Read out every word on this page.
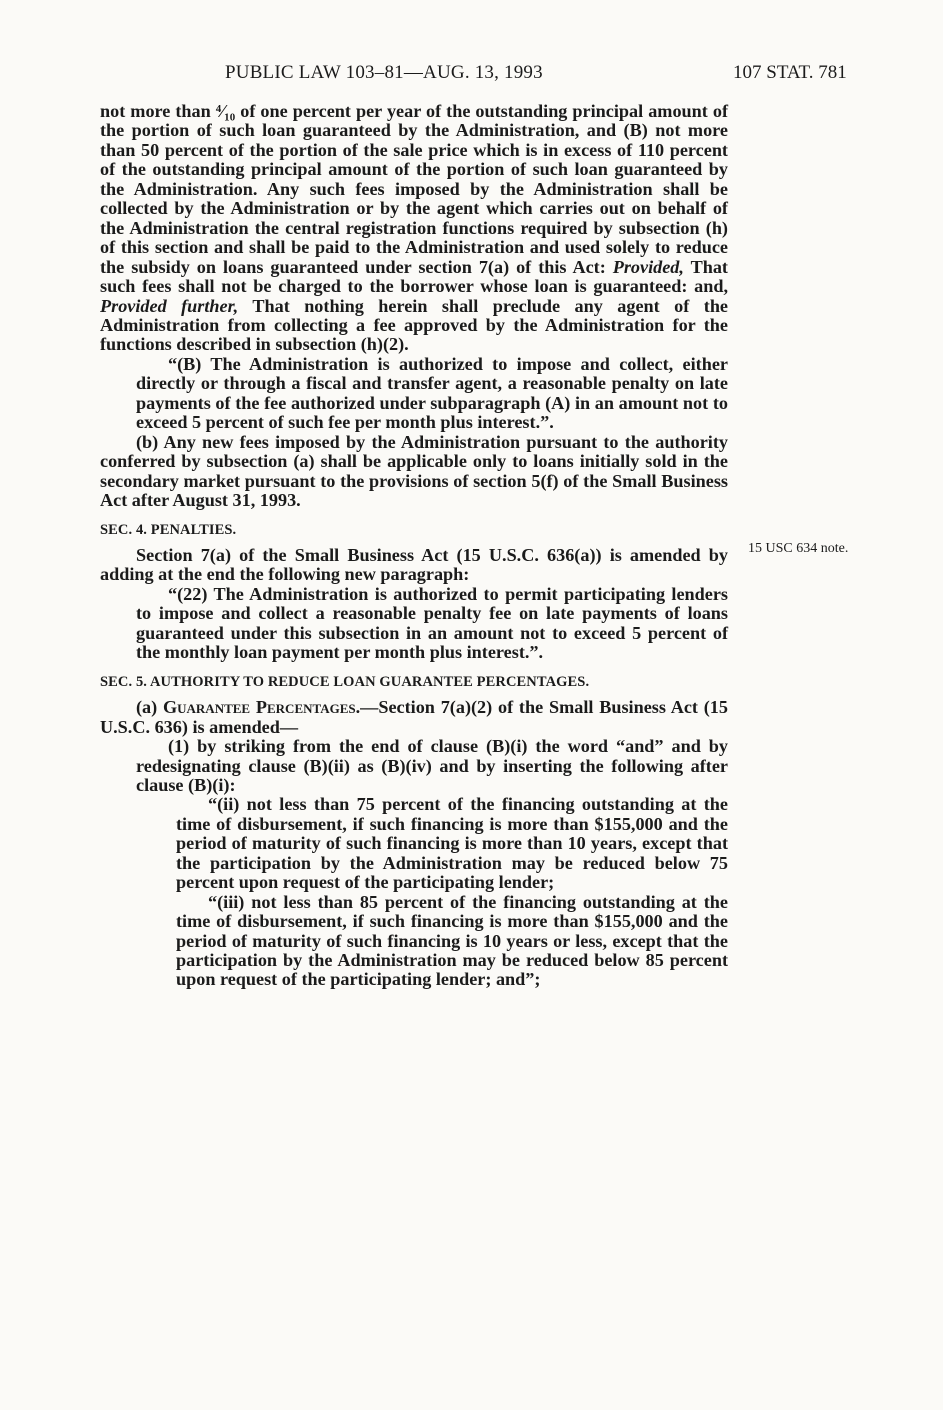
PUBLIC LAW 103–81—AUG. 13, 1993	107 STAT. 781
15 USC 634 note.

not more than ⁴⁄₁₀ of one percent per year of the outstanding principal amount of the portion of such loan guaranteed by the Administration, and (B) not more than 50 percent of the portion of the sale price which is in excess of 110 percent of the outstanding principal amount of the portion of such loan guaranteed by the Administration. Any such fees imposed by the Administration shall be collected by the Administration or by the agent which carries out on behalf of the Administration the central registration functions required by subsection (h) of this section and shall be paid to the Administration and used solely to reduce the subsidy on loans guaranteed under section 7(a) of this Act: Provided, That such fees shall not be charged to the borrower whose loan is guaranteed: and, Provided further, That nothing herein shall preclude any agent of the Administration from collecting a fee approved by the Administration for the functions described in subsection (h)(2).

“(B) The Administration is authorized to impose and collect, either directly or through a fiscal and transfer agent, a reasonable penalty on late payments of the fee authorized under subparagraph (A) in an amount not to exceed 5 percent of such fee per month plus interest.”.

(b) Any new fees imposed by the Administration pursuant to the authority conferred by subsection (a) shall be applicable only to loans initially sold in the secondary market pursuant to the provisions of section 5(f) of the Small Business Act after August 31, 1993.

SEC. 4. PENALTIES.

Section 7(a) of the Small Business Act (15 U.S.C. 636(a)) is amended by adding at the end the following new paragraph:

“(22) The Administration is authorized to permit participating lenders to impose and collect a reasonable penalty fee on late payments of loans guaranteed under this subsection in an amount not to exceed 5 percent of the monthly loan payment per month plus interest.”.

SEC. 5. AUTHORITY TO REDUCE LOAN GUARANTEE PERCENTAGES.

(a) Guarantee Percentages.—Section 7(a)(2) of the Small Business Act (15 U.S.C. 636) is amended—

(1) by striking from the end of clause (B)(i) the word “and” and by redesignating clause (B)(ii) as (B)(iv) and by inserting the following after clause (B)(i):

“(ii) not less than 75 percent of the financing outstanding at the time of disbursement, if such financing is more than $155,000 and the period of maturity of such financing is more than 10 years, except that the participation by the Administration may be reduced below 75 percent upon request of the participating lender;

“(iii) not less than 85 percent of the financing outstanding at the time of disbursement, if such financing is more than $155,000 and the period of maturity of such financing is 10 years or less, except that the participation by the Administration may be reduced below 85 percent upon request of the participating lender; and”;
